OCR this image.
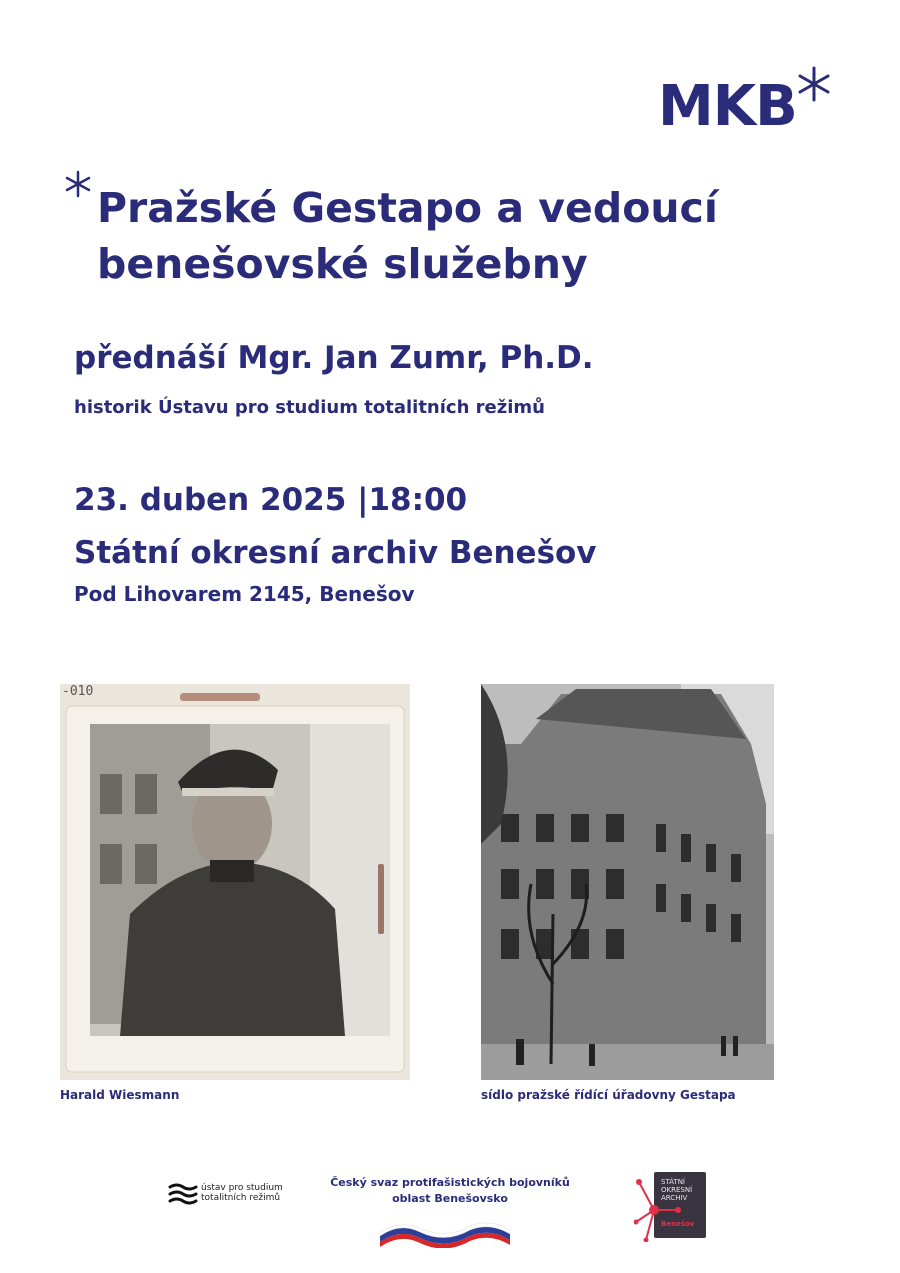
MKB
Pražské Gestapo a vedoucí
benešovské služebny
přednáší Mgr. Jan Zumr, Ph.D.
historik Ústavu pro studium totalitních režimů
23. duben 2025 |18:00
Státní okresní archiv Benešov
Pod Lihovarem 2145, Benešov
-010
Harald Wiesmann	sídlo pražské řídící úřadovny Gestapa
ústav pro studium
totalitních režimů
Český svaz protifašistických bojovníků
oblast Benešovsko
STÁTNÍ
OKRESNÍ
ARCHIV
Benešov
